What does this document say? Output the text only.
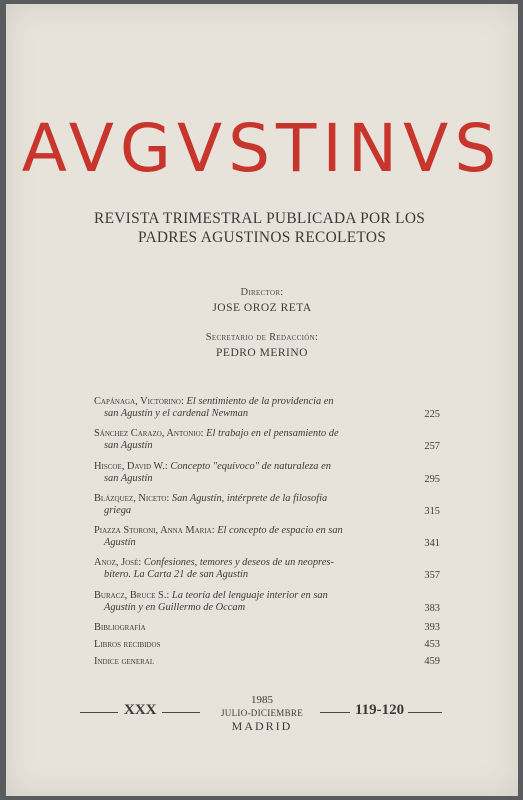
AVGVSTINVS
REVISTA TRIMESTRAL PUBLICADA POR LOS
PADRES AGUSTINOS RECOLETOS
Director:
JOSE OROZ RETA
Secretario de Redacción:
PEDRO MERINO
Capánaga, Victorino: El sentimiento de la providencia en
san Agustín y el cardenal Newman	225
Sánchez Carazo, Antonio: El trabajo en el pensamiento de
san Agustín	257
Hiscoe, David W.: Concepto "equívoco" de naturaleza en
san Agustín	295
Blázquez, Niceto: San Agustín, intérprete de la filosofía
griega	315
Piazza Storoni, Anna Maria: El concepto de espacio en san
Agustín	341
Anoz, José: Confesiones, temores y deseos de un neopres-
bítero. La Carta 21 de san Agustín	357
Buracz, Bruce S.: La teoría del lenguaje interior en san
Agustín y en Guillermo de Occam	383
Bibliografía	393
Libros recibidos	453
Indice general	459
XXX
1985
JULIO-DICIEMBRE
MADRID
119-120
